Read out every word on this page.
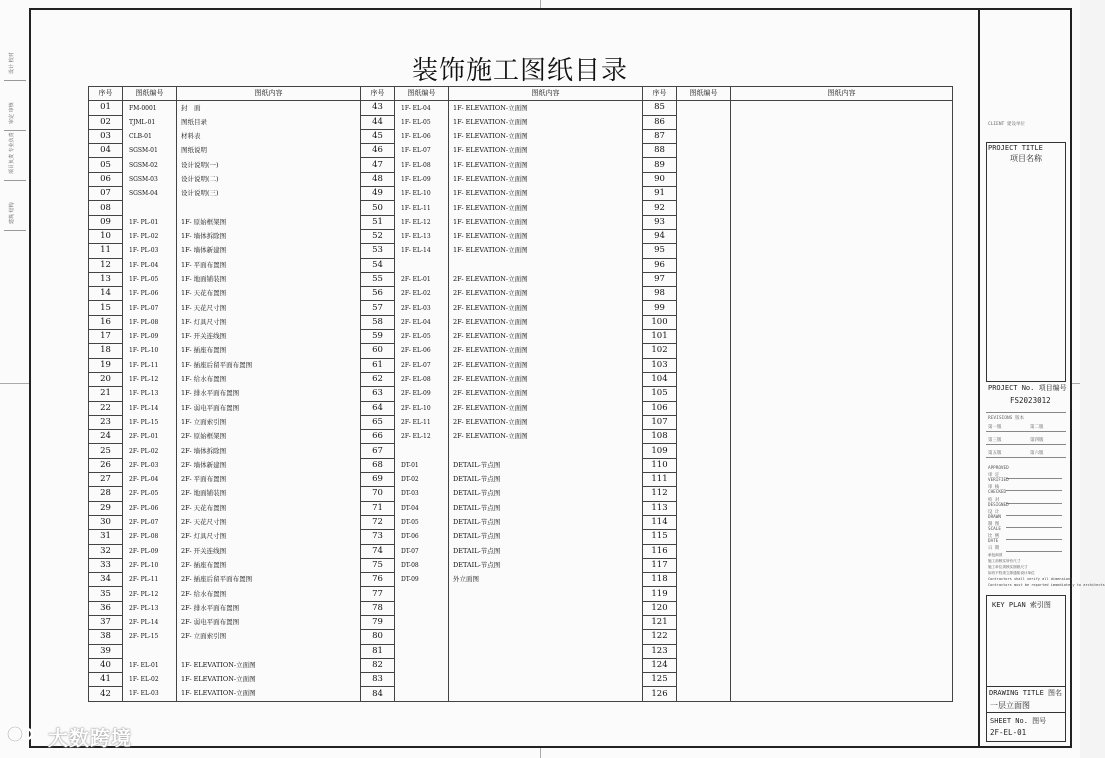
设计 校对
审定 审核
项目负责 专业负责
建筑 结构
装饰施工图纸目录
序号	图纸编号	图纸内容	序号	图纸编号	图纸内容	序号	图纸编号	图纸内容
01	FM-0001	封　面	43	1F- EL-04	1F- ELEVATION-立面图	85		
02	TJML-01	图纸目录	44	1F- EL-05	1F- ELEVATION-立面图	86		
03	CLB-01	材料表	45	1F- EL-06	1F- ELEVATION-立面图	87		
04	SGSM-01	图纸说明	46	1F- EL-07	1F- ELEVATION-立面图	88		
05	SGSM-02	设计说明(一)	47	1F- EL-08	1F- ELEVATION-立面图	89		
06	SGSM-03	设计说明(二)	48	1F- EL-09	1F- ELEVATION-立面图	90		
07	SGSM-04	设计说明(三)	49	1F- EL-10	1F- ELEVATION-立面图	91		
08			50	1F- EL-11	1F- ELEVATION-立面图	92		
09	1F- PL-01	1F- 原始框架图	51	1F- EL-12	1F- ELEVATION-立面图	93		
10	1F- PL-02	1F- 墙体拆除图	52	1F- EL-13	1F- ELEVATION-立面图	94		
11	1F- PL-03	1F- 墙体新建图	53	1F- EL-14	1F- ELEVATION-立面图	95		
12	1F- PL-04	1F- 平面布置图	54			96		
13	1F- PL-05	1F- 地面铺装图	55	2F- EL-01	2F- ELEVATION-立面图	97		
14	1F- PL-06	1F- 天花布置图	56	2F- EL-02	2F- ELEVATION-立面图	98		
15	1F- PL-07	1F- 天花尺寸图	57	2F- EL-03	2F- ELEVATION-立面图	99		
16	1F- PL-08	1F- 灯具尺寸图	58	2F- EL-04	2F- ELEVATION-立面图	100		
17	1F- PL-09	1F- 开关连线图	59	2F- EL-05	2F- ELEVATION-立面图	101		
18	1F- PL-10	1F- 插座布置图	60	2F- EL-06	2F- ELEVATION-立面图	102		
19	1F- PL-11	1F- 插座后留平面布置图	61	2F- EL-07	2F- ELEVATION-立面图	103		
20	1F- PL-12	1F- 给水布置图	62	2F- EL-08	2F- ELEVATION-立面图	104		
21	1F- PL-13	1F- 排水平面布置图	63	2F- EL-09	2F- ELEVATION-立面图	105		
22	1F- PL-14	1F- 弱电平面布置图	64	2F- EL-10	2F- ELEVATION-立面图	106		
23	1F- PL-15	1F- 立面索引图	65	2F- EL-11	2F- ELEVATION-立面图	107		
24	2F- PL-01	2F- 原始框架图	66	2F- EL-12	2F- ELEVATION-立面图	108		
25	2F- PL-02	2F- 墙体拆除图	67			109		
26	2F- PL-03	2F- 墙体新建图	68	DT-01	DETAIL-节点图	110		
27	2F- PL-04	2F- 平面布置图	69	DT-02	DETAIL-节点图	111		
28	2F- PL-05	2F- 地面铺装图	70	DT-03	DETAIL-节点图	112		
29	2F- PL-06	2F- 天花布置图	71	DT-04	DETAIL-节点图	113		
30	2F- PL-07	2F- 天花尺寸图	72	DT-05	DETAIL-节点图	114		
31	2F- PL-08	2F- 灯具尺寸图	73	DT-06	DETAIL-节点图	115		
32	2F- PL-09	2F- 开关连线图	74	DT-07	DETAIL-节点图	116		
33	2F- PL-10	2F- 插座布置图	75	DT-08	DETAIL-节点图	117		
34	2F- PL-11	2F- 插座后留平面布置图	76	DT-09	外立面图	118		
35	2F- PL-12	2F- 给水布置图	77			119		
36	2F- PL-13	2F- 排水平面布置图	78			120		
37	2F- PL-14	2F- 弱电平面布置图	79			121		
38	2F- PL-15	2F- 立面索引图	80			122		
39			81			123		
40	1F- EL-01	1F- ELEVATION-立面图	82			124		
41	1F- EL-02	1F- ELEVATION-立面图	83			125		
42	1F- EL-03	1F- ELEVATION-立面图	84			126		
CLIENT 建设单位
PROJECT TITLE
项目名称
PROJECT No. 项目编号
FS2023012
REVISIONS 版本
第一版	第二版
第三版	第四版
第五版	第六版
APPROVED
审 定
VERIFIED
审 核
CHECKED
校 对
DESIGNED
设 计
DRAWN
制 图
SCALE
比 例
DATE
日 期
承包商须
施工前核实所有尺寸
施工单位须核实图纸尺寸
如有不符须立即通知设计单位
Contractors shall verify all dimensions
Contractors must be reported immediately to architects
KEY PLAN 索引图
DRAWING TITLE 图名
一层立面图
SHEET No. 图号
2F-EL-01
大数跨境
